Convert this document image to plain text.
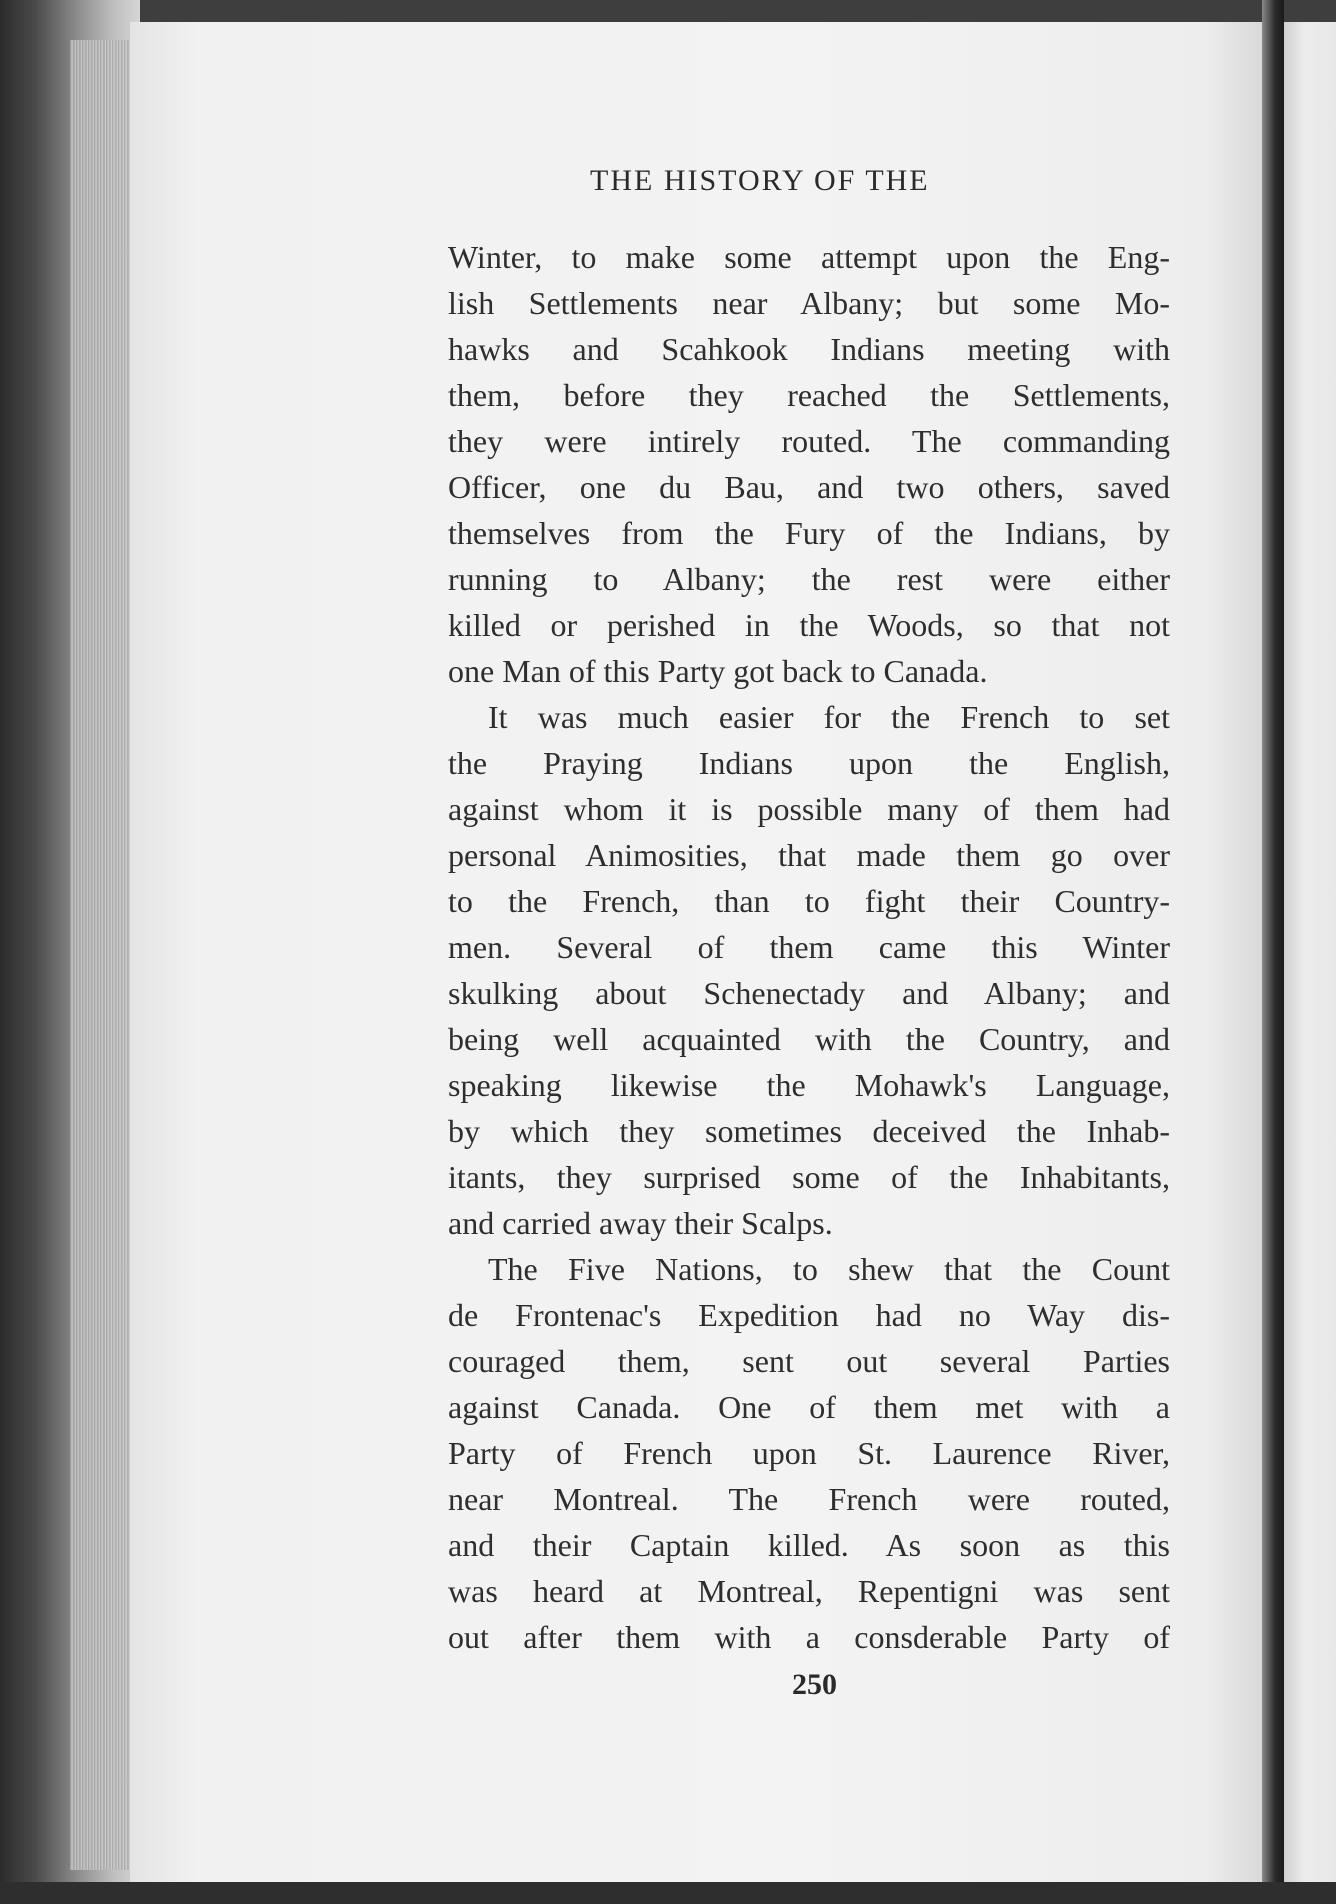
THE HISTORY OF THE
Winter, to make some attempt upon the Eng-
lish Settlements near Albany; but some Mo-
hawks and Scahkook Indians meeting with
them, before they reached the Settlements,
they were intirely routed. The commanding
Officer, one du Bau, and two others, saved
themselves from the Fury of the Indians, by
running to Albany; the rest were either
killed or perished in the Woods, so that not
one Man of this Party got back to Canada.
It was much easier for the French to set
the Praying Indians upon the English,
against whom it is possible many of them had
personal Animosities, that made them go over
to the French, than to fight their Country-
men. Several of them came this Winter
skulking about Schenectady and Albany; and
being well acquainted with the Country, and
speaking likewise the Mohawk's Language,
by which they sometimes deceived the Inhab-
itants, they surprised some of the Inhabitants,
and carried away their Scalps.
The Five Nations, to shew that the Count
de Frontenac's Expedition had no Way dis-
couraged them, sent out several Parties
against Canada. One of them met with a
Party of French upon St. Laurence River,
near Montreal. The French were routed,
and their Captain killed. As soon as this
was heard at Montreal, Repentigni was sent
out after them with a consderable Party of
250
